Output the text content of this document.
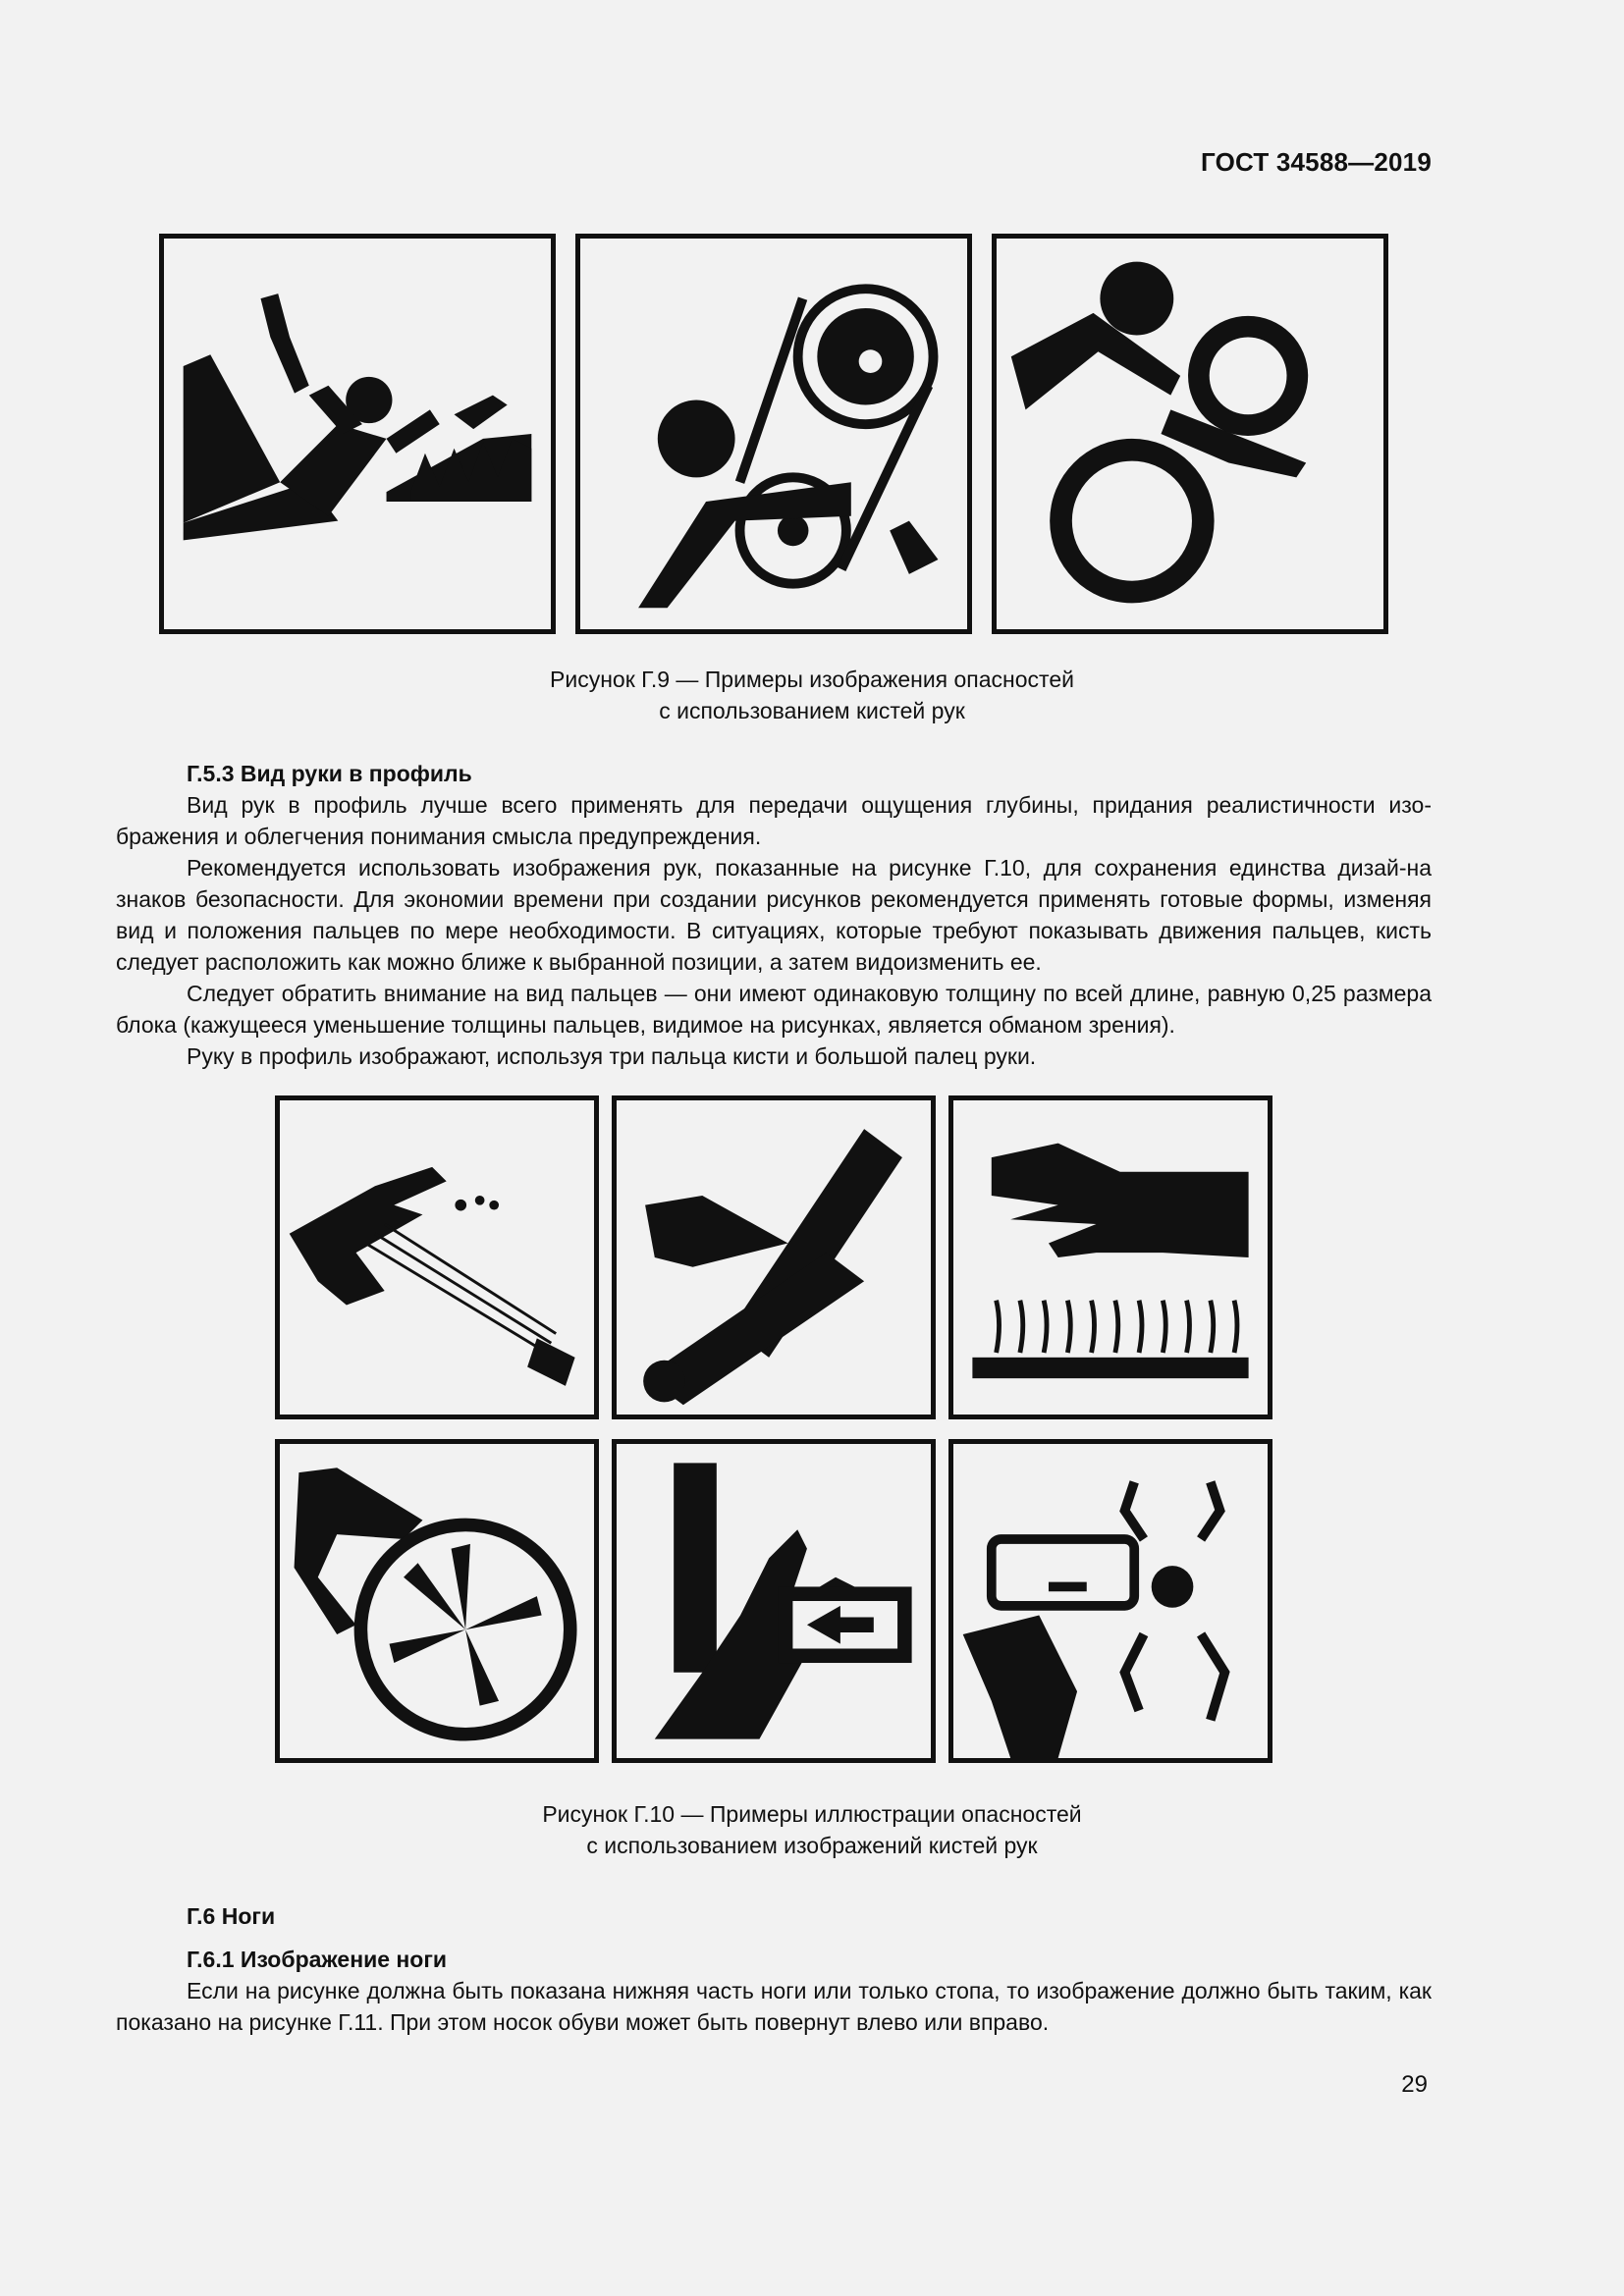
ГОСТ 34588—2019
Рисунок Г.9 — Примеры изображения опасностей
с использованием кистей рук
Г.5.3 Вид руки в профиль
Вид рук в профиль лучше всего применять для передачи ощущения глубины, придания реалистичности изо-бражения и облегчения понимания смысла предупреждения.
Рекомендуется использовать изображения рук, показанные на рисунке Г.10, для сохранения единства дизай-на знаков безопасности. Для экономии времени при создании рисунков рекомендуется применять готовые формы, изменяя вид и положения пальцев по мере необходимости. В ситуациях, которые требуют показывать движения пальцев, кисть следует расположить как можно ближе к выбранной позиции, а затем видоизменить ее.
Следует обратить внимание на вид пальцев — они имеют одинаковую толщину по всей длине, равную 0,25 размера блока (кажущееся уменьшение толщины пальцев, видимое на рисунках, является обманом зрения).
Руку в профиль изображают, используя три пальца кисти и большой палец руки.
Рисунок Г.10 — Примеры иллюстрации опасностей
с использованием изображений кистей рук
Г.6 Ноги
Г.6.1 Изображение ноги
Если на рисунке должна быть показана нижняя часть ноги или только стопа, то изображение должно быть таким, как показано на рисунке Г.11. При этом носок обуви может быть повернут влево или вправо.
29
